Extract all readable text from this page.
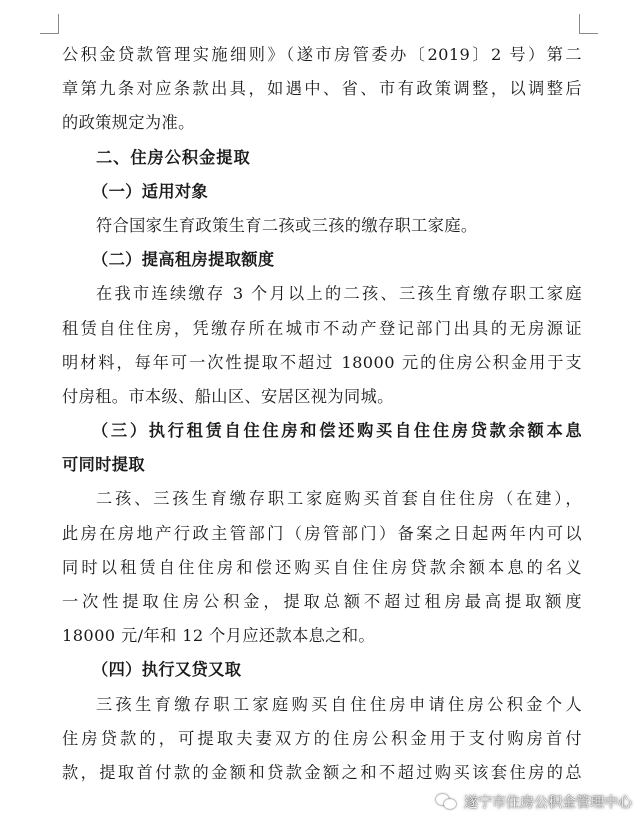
公积金贷款管理实施细则》（遂市房管委办〔2019〕2 号）第二
章第九条对应条款出具，如遇中、省、市有政策调整，以调整后
的政策规定为准。
二、住房公积金提取
（一）适用对象
符合国家生育政策生育二孩或三孩的缴存职工家庭。
（二）提高租房提取额度
在我市连续缴存 3 个月以上的二孩、三孩生育缴存职工家庭
租赁自住住房，凭缴存所在城市不动产登记部门出具的无房源证
明材料，每年可一次性提取不超过 18000 元的住房公积金用于支
付房租。市本级、船山区、安居区视为同城。
（三）执行租赁自住住房和偿还购买自住住房贷款余额本息
可同时提取
二孩、三孩生育缴存职工家庭购买首套自住住房（在建），
此房在房地产行政主管部门（房管部门）备案之日起两年内可以
同时以租赁自住住房和偿还购买自住住房贷款余额本息的名义
一次性提取住房公积金，提取总额不超过租房最高提取额度
18000 元/年和 12 个月应还款本息之和。
（四）执行又贷又取
三孩生育缴存职工家庭购买自住住房申请住房公积金个人
住房贷款的，可提取夫妻双方的住房公积金用于支付购房首付
款，提取首付款的金额和贷款金额之和不超过购买该套住房的总
遂宁市住房公积金管理中心
